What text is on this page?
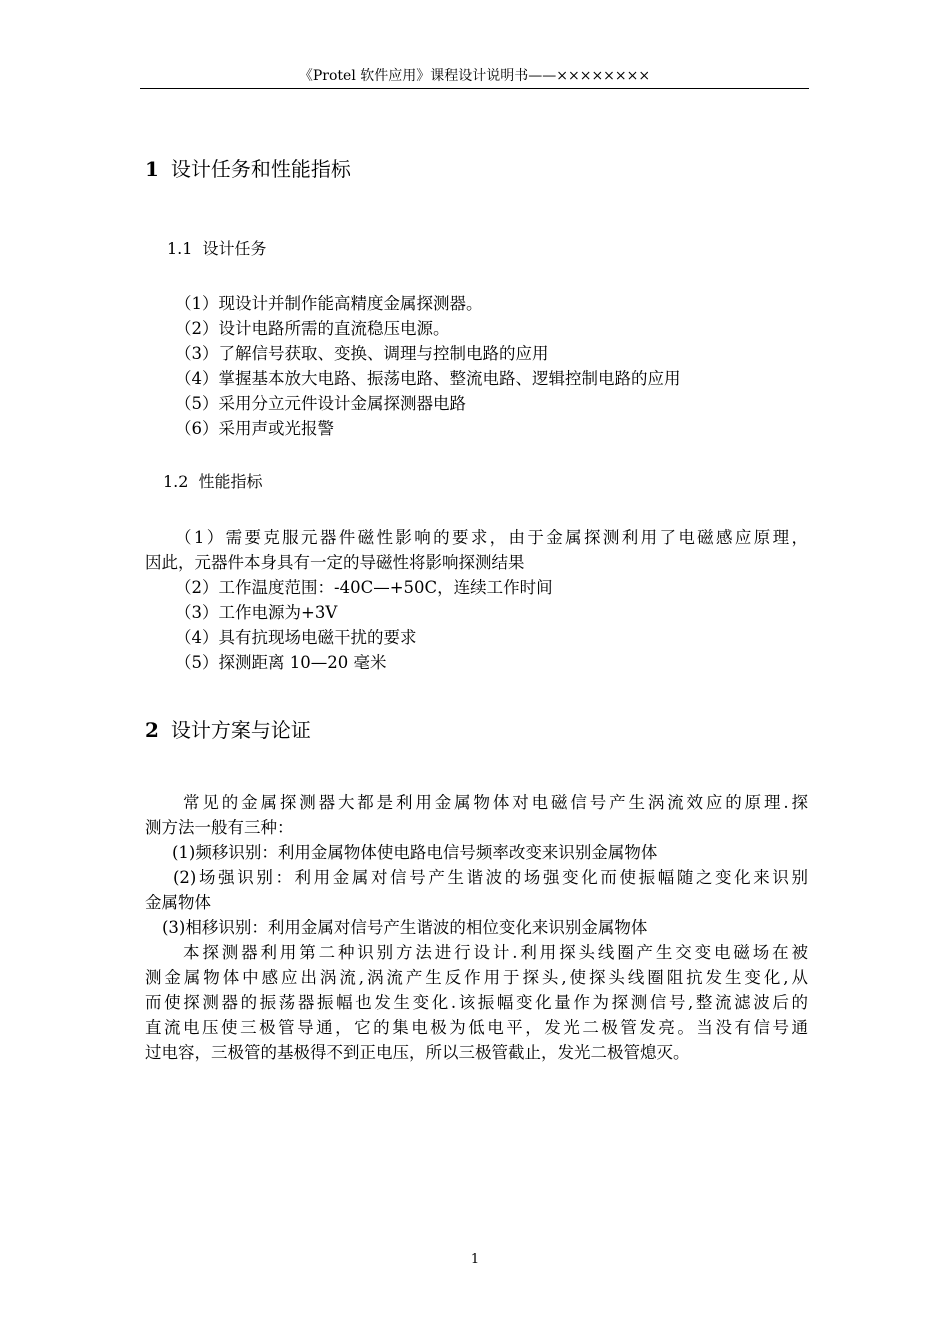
《Protel 软件应用》课程设计说明书——××××××××
1 设计任务和性能指标
1.1 设计任务
（1）现设计并制作能高精度金属探测器。
（2）设计电路所需的直流稳压电源。
（3）了解信号获取、变换、调理与控制电路的应用
（4）掌握基本放大电路、振荡电路、整流电路、逻辑控制电路的应用
（5）采用分立元件设计金属探测器电路
（6）采用声或光报警
1.2 性能指标
（1）需要克服元器件磁性影响的要求，由于金属探测利用了电磁感应原理，
因此，元器件本身具有一定的导磁性将影响探测结果
（2）工作温度范围：-40C—+50C，连续工作时间
（3）工作电源为+3V
（4）具有抗现场电磁干扰的要求
（5）探测距离 10—20 毫米
2 设计方案与论证
常见的金属探测器大都是利用金属物体对电磁信号产生涡流效应的原理.探
测方法一般有三种：
(1)频移识别：利用金属物体使电路电信号频率改变来识别金属物体
(2)场强识别：利用金属对信号产生谐波的场强变化而使振幅随之变化来识别
金属物体
(3)相移识别：利用金属对信号产生谐波的相位变化来识别金属物体
本探测器利用第二种识别方法进行设计.利用探头线圈产生交变电磁场在被
测金属物体中感应出涡流,涡流产生反作用于探头,使探头线圈阻抗发生变化,从
而使探测器的振荡器振幅也发生变化.该振幅变化量作为探测信号,整流滤波后的
直流电压使三极管导通，它的集电极为低电平，发光二极管发亮。当没有信号通
过电容，三极管的基极得不到正电压，所以三极管截止，发光二极管熄灭。
1
